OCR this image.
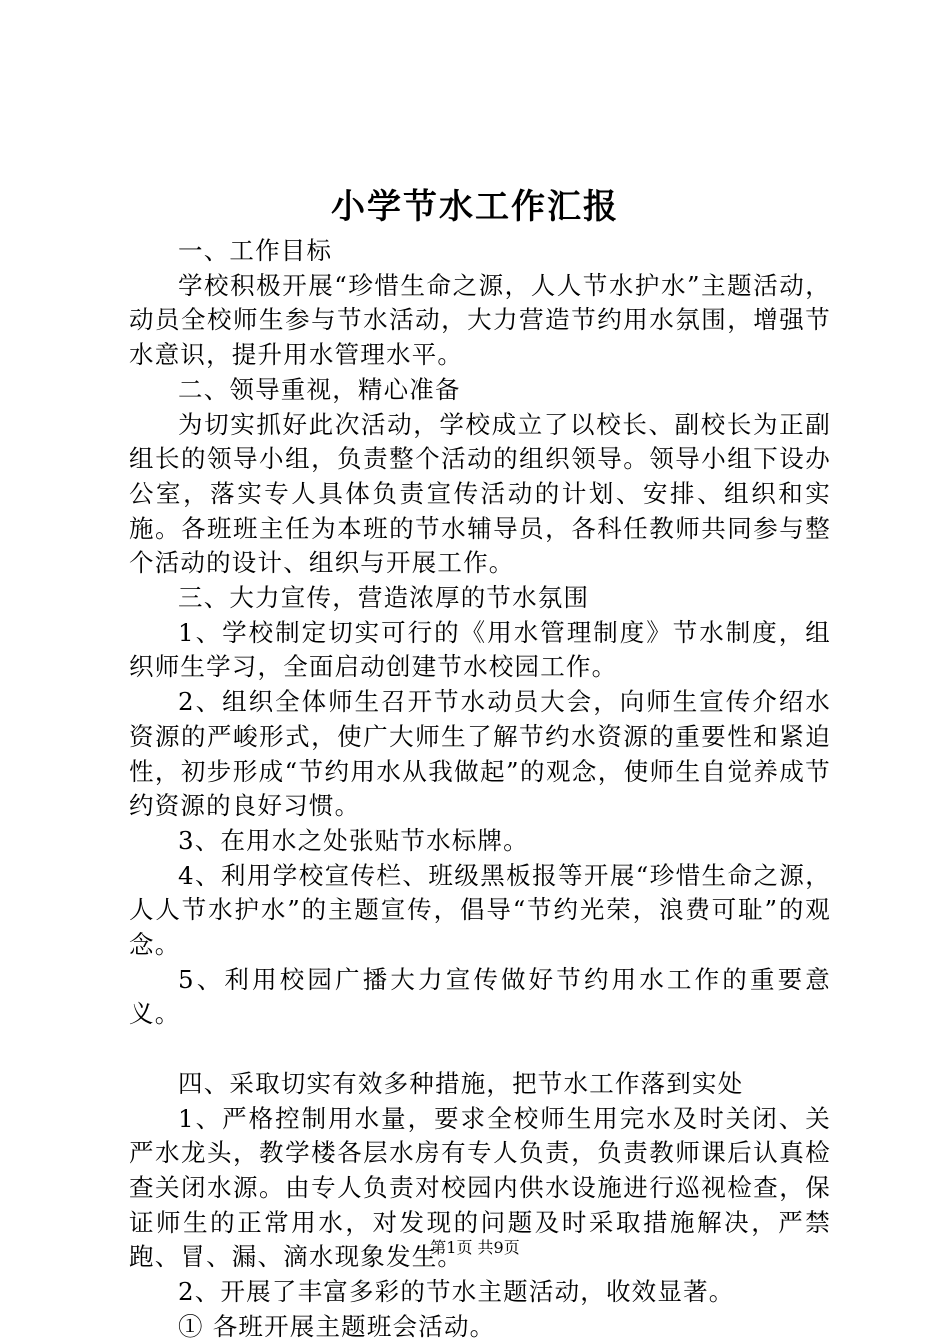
小学节水工作汇报

一、工作目标

学校积极开展“珍惜生命之源，人人节水护水”主题活动，动员全校师生参与节水活动，大力营造节约用水氛围，增强节水意识，提升用水管理水平。

二、领导重视，精心准备

为切实抓好此次活动，学校成立了以校长、副校长为正副组长的领导小组，负责整个活动的组织领导。领导小组下设办公室，落实专人具体负责宣传活动的计划、安排、组织和实施。各班班主任为本班的节水辅导员，各科任教师共同参与整个活动的设计、组织与开展工作。

三、大力宣传，营造浓厚的节水氛围

1、学校制定切实可行的《用水管理制度》节水制度，组织师生学习，全面启动创建节水校园工作。

2、组织全体师生召开节水动员大会，向师生宣传介绍水资源的严峻形式，使广大师生了解节约水资源的重要性和紧迫性，初步形成“节约用水从我做起”的观念，使师生自觉养成节约资源的良好习惯。

3、在用水之处张贴节水标牌。

4、利用学校宣传栏、班级黑板报等开展“珍惜生命之源，人人节水护水”的主题宣传，倡导“节约光荣，浪费可耻”的观念。

5、利用校园广播大力宣传做好节约用水工作的重要意义。

四、采取切实有效多种措施，把节水工作落到实处

1、严格控制用水量，要求全校师生用完水及时关闭、关严水龙头，教学楼各层水房有专人负责，负责教师课后认真检查关闭水源。由专人负责对校园内供水设施进行巡视检查，保证师生的正常用水，对发现的问题及时采取措施解决，严禁跑、冒、漏、滴水现象发生。

2、开展了丰富多彩的节水主题活动，收效显著。

① 各班开展主题班会活动。

第1页 共9页
